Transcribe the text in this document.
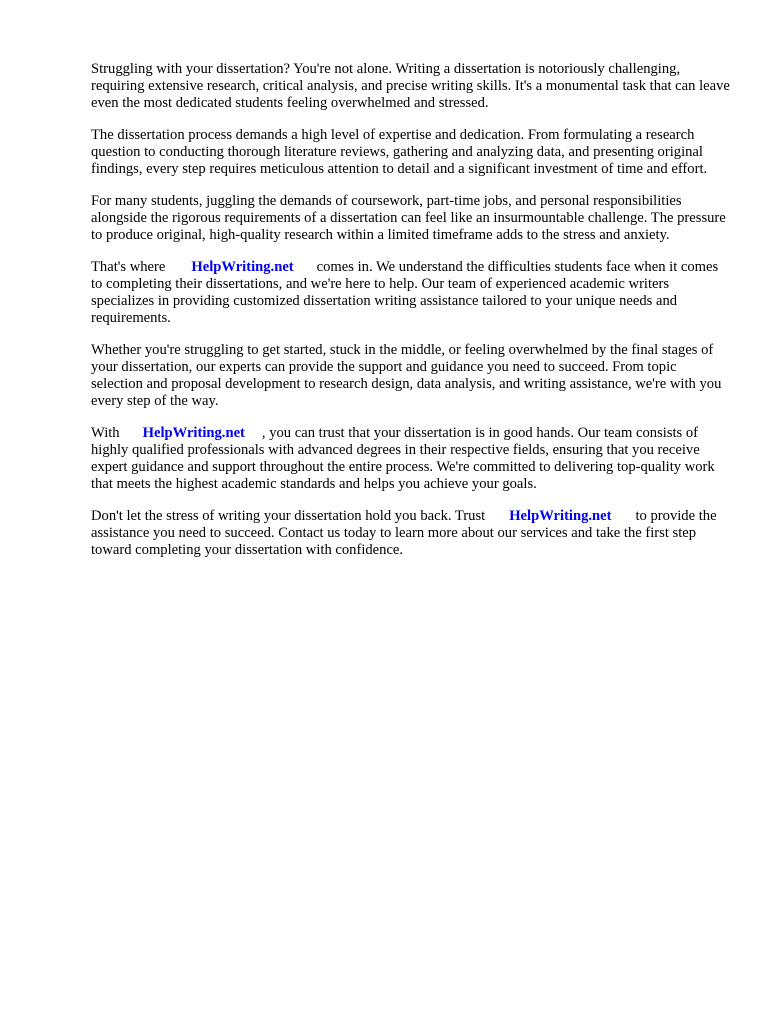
Struggling with your dissertation? You're not alone. Writing a dissertation is notoriously challenging, requiring extensive research, critical analysis, and precise writing skills. It's a monumental task that can leave even the most dedicated students feeling overwhelmed and stressed.

The dissertation process demands a high level of expertise and dedication. From formulating a research question to conducting thorough literature reviews, gathering and analyzing data, and presenting original findings, every step requires meticulous attention to detail and a significant investment of time and effort.

For many students, juggling the demands of coursework, part-time jobs, and personal responsibilities alongside the rigorous requirements of a dissertation can feel like an insurmountable challenge. The pressure to produce original, high-quality research within a limited timeframe adds to the stress and anxiety.

That's where HelpWriting.net comes in. We understand the difficulties students face when it comes to completing their dissertations, and we're here to help. Our team of experienced academic writers specializes in providing customized dissertation writing assistance tailored to your unique needs and requirements.

Whether you're struggling to get started, stuck in the middle, or feeling overwhelmed by the final stages of your dissertation, our experts can provide the support and guidance you need to succeed. From topic selection and proposal development to research design, data analysis, and writing assistance, we're with you every step of the way.

With HelpWriting.net , you can trust that your dissertation is in good hands. Our team consists of highly qualified professionals with advanced degrees in their respective fields, ensuring that you receive expert guidance and support throughout the entire process. We're committed to delivering top-quality work that meets the highest academic standards and helps you achieve your goals.

Don't let the stress of writing your dissertation hold you back. Trust HelpWriting.net to provide the assistance you need to succeed. Contact us today to learn more about our services and take the first step toward completing your dissertation with confidence.
